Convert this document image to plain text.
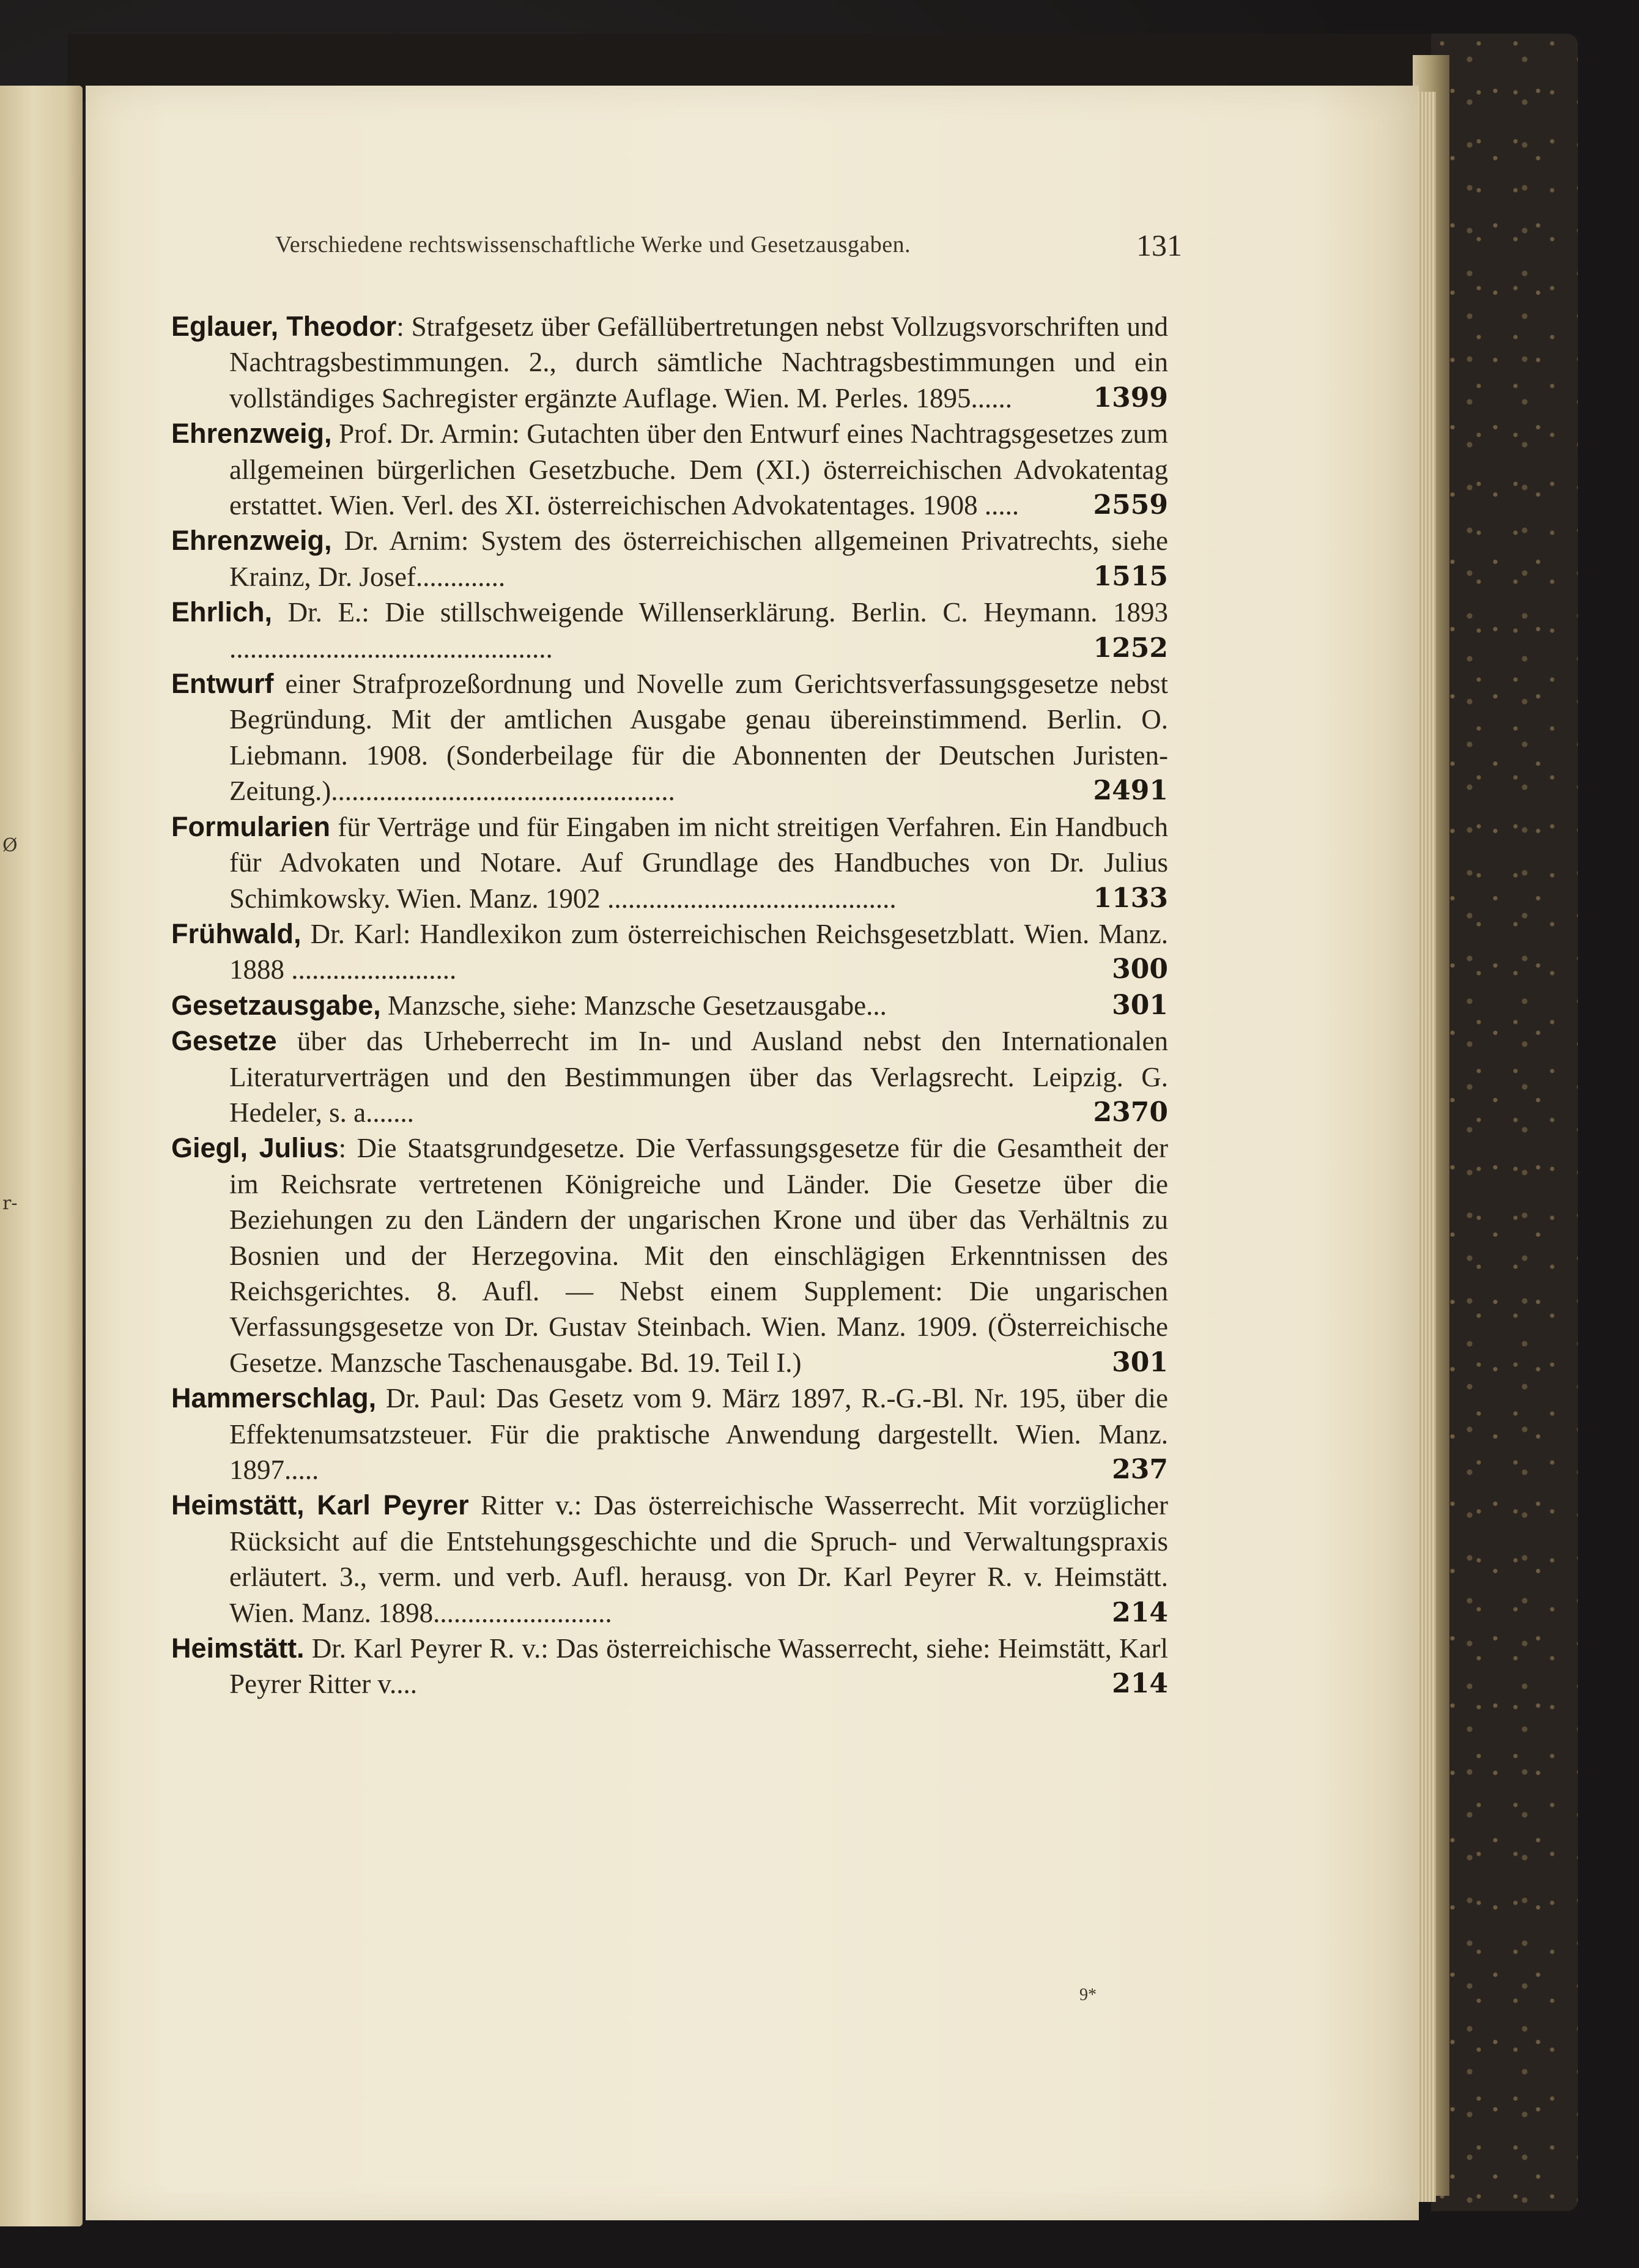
Ø
r-
Verschiedene rechtswissenschaftliche Werke und Gesetzausgaben.	131
Eglauer, Theodor: Strafgesetz über Gefällübertretungen nebst Vollzugsvorschriften und Nachtragsbestimmungen. 2., durch sämtliche Nachtragsbestimmungen und ein vollständiges Sachregister ergänzte Auflage. Wien. M. Perles. 1895......	1399
Ehrenzweig, Prof. Dr. Armin: Gutachten über den Entwurf eines Nachtragsgesetzes zum allgemeinen bürgerlichen Gesetzbuche. Dem (XI.) österreichischen Advokatentag erstattet. Wien. Verl. des XI. österreichischen Advokatentages. 1908 .....	2559
Ehrenzweig, Dr. Arnim: System des österreichischen allgemeinen Privatrechts, siehe Krainz, Dr. Josef.............	1515
Ehrlich, Dr. E.: Die stillschweigende Willenserklärung. Berlin. C. Heymann. 1893 ...............................................	1252
Entwurf einer Strafprozeßordnung und Novelle zum Gerichtsverfassungsgesetze nebst Begründung. Mit der amtlichen Ausgabe genau übereinstimmend. Berlin. O. Liebmann. 1908. (Sonderbeilage für die Abonnenten der Deutschen Juristen-Zeitung.)..................................................	2491
Formularien für Verträge und für Eingaben im nicht streitigen Verfahren. Ein Handbuch für Advokaten und Notare. Auf Grundlage des Handbuches von Dr. Julius Schimkowsky. Wien. Manz. 1902 ..........................................	1133
Frühwald, Dr. Karl: Handlexikon zum österreichischen Reichsgesetzblatt. Wien. Manz. 1888 ........................	300
Gesetzausgabe, Manzsche, siehe: Manzsche Gesetzausgabe...	301
Gesetze über das Urheberrecht im In- und Ausland nebst den Internationalen Literaturverträgen und den Bestimmungen über das Verlagsrecht. Leipzig. G. Hedeler, s. a.......	2370
Giegl, Julius: Die Staatsgrundgesetze. Die Verfassungsgesetze für die Gesamtheit der im Reichsrate vertretenen Königreiche und Länder. Die Gesetze über die Beziehungen zu den Ländern der ungarischen Krone und über das Verhältnis zu Bosnien und der Herzegovina. Mit den einschlägigen Erkenntnissen des Reichsgerichtes. 8. Aufl. — Nebst einem Supplement: Die ungarischen Verfassungsgesetze von Dr. Gustav Steinbach. Wien. Manz. 1909. (Österreichische Gesetze. Manzsche Taschenausgabe. Bd. 19. Teil I.)	301
Hammerschlag, Dr. Paul: Das Gesetz vom 9. März 1897, R.-G.-Bl. Nr. 195, über die Effektenumsatzsteuer. Für die praktische Anwendung dargestellt. Wien. Manz. 1897.....	237
Heimstätt, Karl Peyrer Ritter v.: Das österreichische Wasserrecht. Mit vorzüglicher Rücksicht auf die Entstehungsgeschichte und die Spruch- und Verwaltungspraxis erläutert. 3., verm. und verb. Aufl. herausg. von Dr. Karl Peyrer R. v. Heimstätt. Wien. Manz. 1898..........................	214
Heimstätt. Dr. Karl Peyrer R. v.: Das österreichische Wasserrecht, siehe: Heimstätt, Karl Peyrer Ritter v....	214
9*
